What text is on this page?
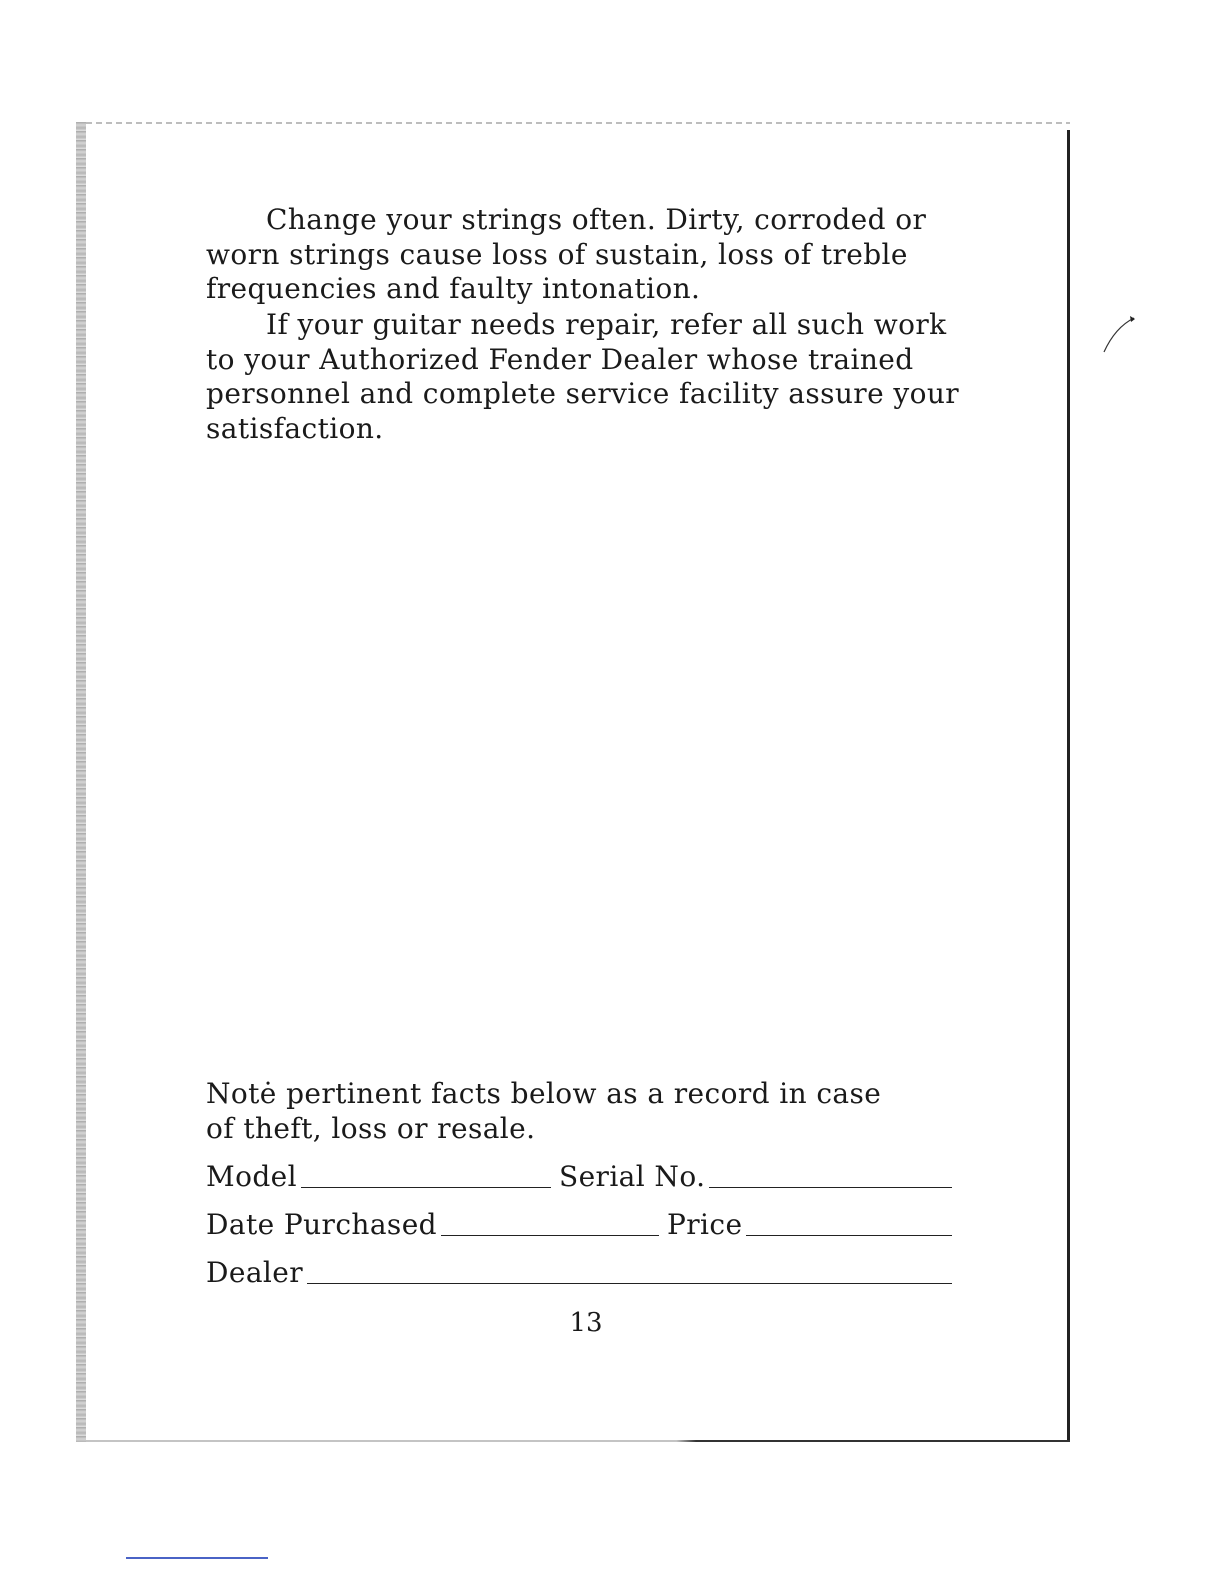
Change your strings often. Dirty, corroded or worn strings cause loss of sustain, loss of treble frequencies and faulty intonation.

If your guitar needs repair, refer all such work to your Authorized Fender Dealer whose trained personnel and complete service facility assure your satisfaction.

Notė pertinent facts below as a record in case of theft, loss or resale.

Model	Serial No.
Date Purchased	Price
Dealer
13
